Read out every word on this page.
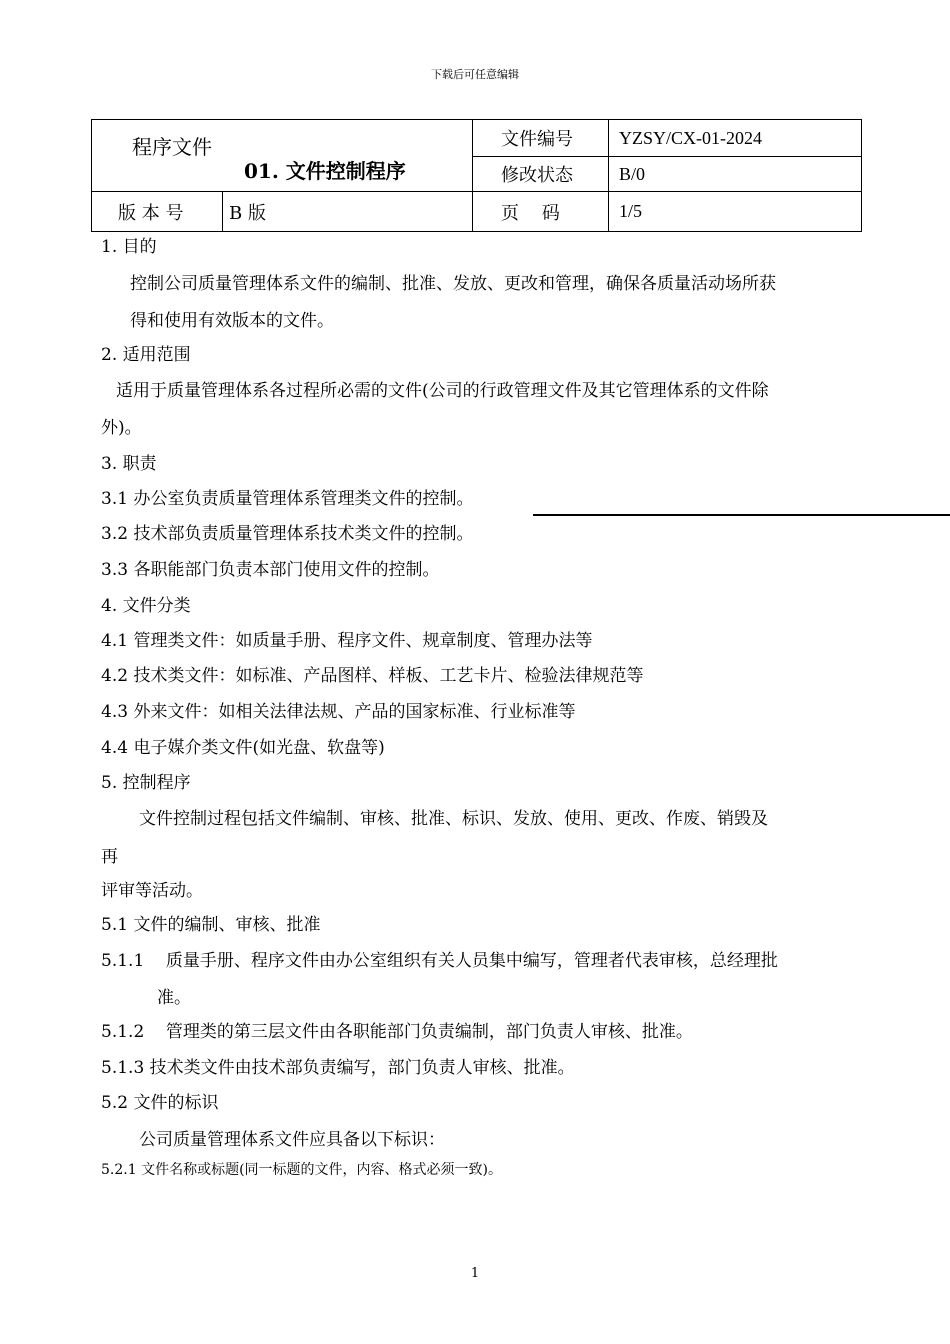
下载后可任意编辑
程序文件
01. 文件控制程序		文件编号	YZSY/CX-01-2024
		修改状态	B/0
版 本 号	B 版	页    码	1/5
1. 目的
控制公司质量管理体系文件的编制、批准、发放、更改和管理，确保各质量活动场所获
得和使用有效版本的文件。
2. 适用范围
适用于质量管理体系各过程所必需的文件(公司的行政管理文件及其它管理体系的文件除
外)。
3. 职责
3.1 办公室负责质量管理体系管理类文件的控制。
3.2 技术部负责质量管理体系技术类文件的控制。
3.3 各职能部门负责本部门使用文件的控制。
4. 文件分类
4.1 管理类文件：如质量手册、程序文件、规章制度、管理办法等
4.2 技术类文件：如标准、产品图样、样板、工艺卡片、检验法律规范等
4.3 外来文件：如相关法律法规、产品的国家标准、行业标准等
4.4 电子媒介类文件(如光盘、软盘等)
5. 控制程序
文件控制过程包括文件编制、审核、批准、标识、发放、使用、更改、作废、销毁及
再
评审等活动。
5.1 文件的编制、审核、批准
5.1.1    质量手册、程序文件由办公室组织有关人员集中编写，管理者代表审核，总经理批
准。
5.1.2    管理类的第三层文件由各职能部门负责编制，部门负责人审核、批准。
5.1.3 技术类文件由技术部负责编写，部门负责人审核、批准。
5.2 文件的标识
公司质量管理体系文件应具备以下标识：
5.2.1 文件名称或标题(同一标题的文件，内容、格式必须一致)。
1
